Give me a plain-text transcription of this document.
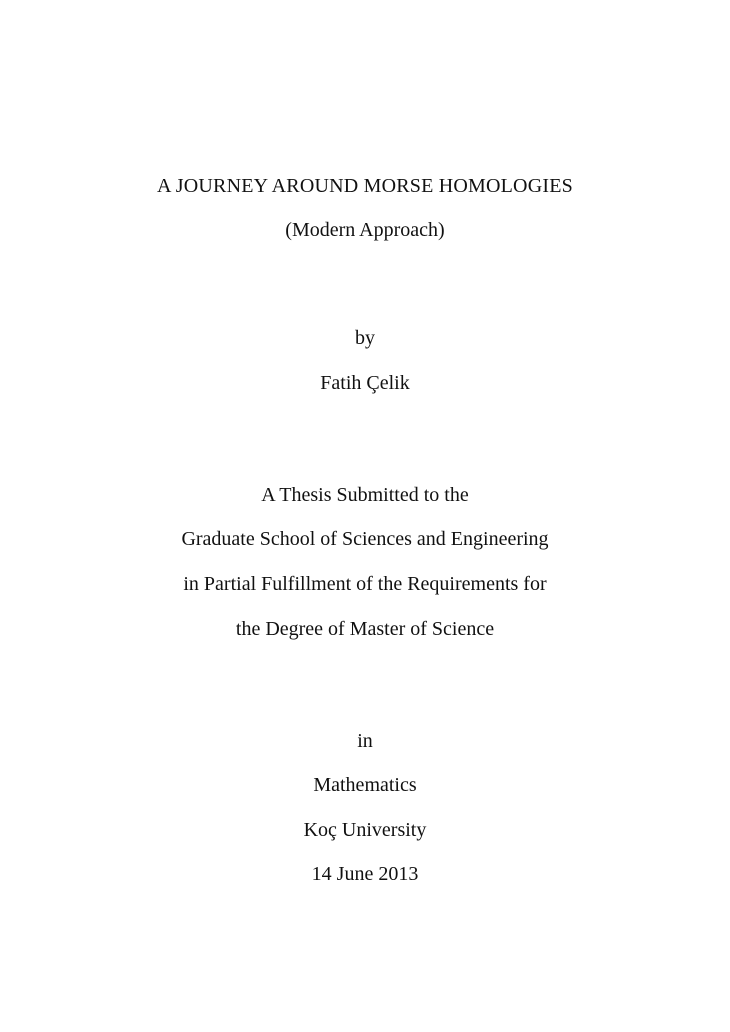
A JOURNEY AROUND MORSE HOMOLOGIES
(Modern Approach)
by
Fatih Çelik
A Thesis Submitted to the
Graduate School of Sciences and Engineering
in Partial Fulfillment of the Requirements for
the Degree of Master of Science
in
Mathematics
Koç University
14 June 2013
